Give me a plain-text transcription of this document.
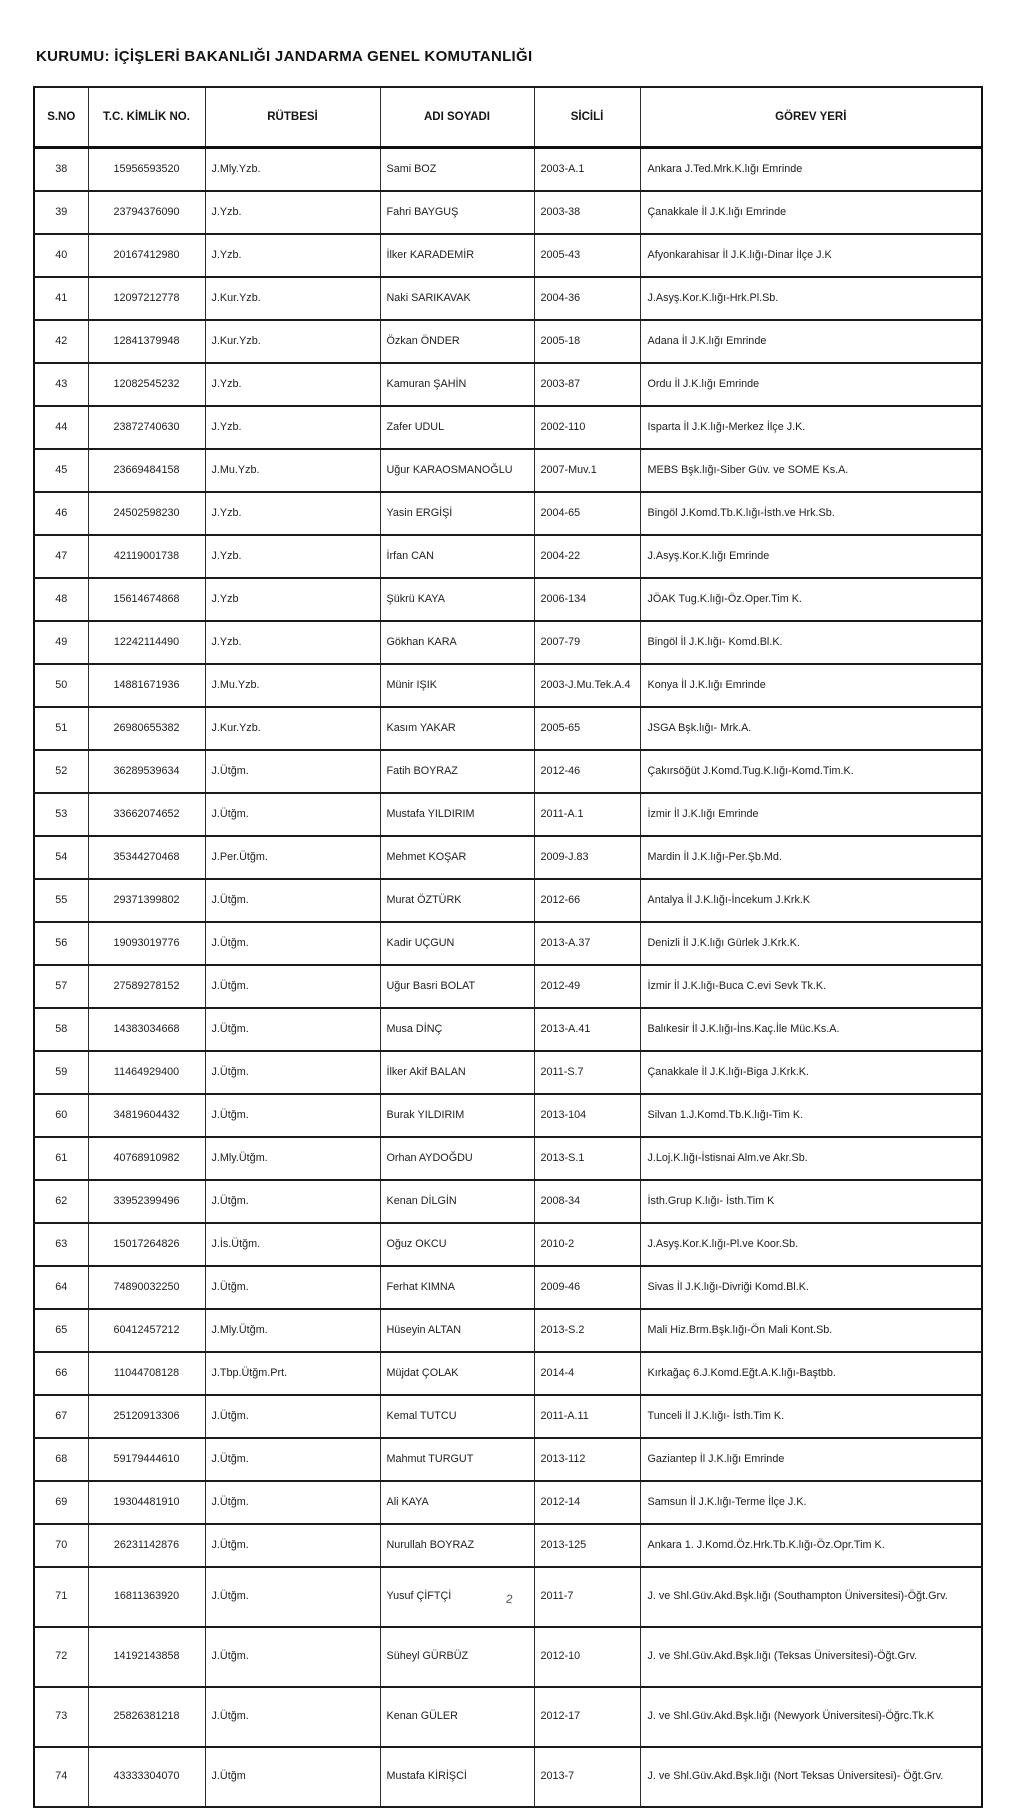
KURUMU: İÇİŞLERİ BAKANLIĞI JANDARMA GENEL KOMUTANLIĞI
S.NO	T.C. KİMLİK NO.	RÜTBESİ	ADI SOYADI	SİCİLİ	GÖREV YERİ
38	15956593520	J.Mly.Yzb.	Sami BOZ	2003-A.1	Ankara J.Ted.Mrk.K.lığı Emrinde
39	23794376090	J.Yzb.	Fahri BAYGUŞ	2003-38	Çanakkale İl J.K.lığı Emrinde
40	20167412980	J.Yzb.	İlker KARADEMİR	2005-43	Afyonkarahisar İl J.K.lığı-Dinar İlçe J.K
41	12097212778	J.Kur.Yzb.	Naki SARIKAVAK	2004-36	J.Asyş.Kor.K.lığı-Hrk.Pl.Sb.
42	12841379948	J.Kur.Yzb.	Özkan ÖNDER	2005-18	Adana İl J.K.lığı Emrinde
43	12082545232	J.Yzb.	Kamuran ŞAHİN	2003-87	Ordu İl J.K.lığı Emrinde
44	23872740630	J.Yzb.	Zafer UDUL	2002-110	Isparta İl J.K.lığı-Merkez İlçe J.K.
45	23669484158	J.Mu.Yzb.	Uğur KARAOSMANOĞLU	2007-Muv.1	MEBS Bşk.lığı-Siber Güv. ve SOME Ks.A.
46	24502598230	J.Yzb.	Yasin ERGİŞİ	2004-65	Bingöl J.Komd.Tb.K.lığı-İsth.ve Hrk.Sb.
47	42119001738	J.Yzb.	İrfan CAN	2004-22	J.Asyş.Kor.K.lığı Emrinde
48	15614674868	J.Yzb	Şükrü KAYA	2006-134	JÖAK Tug.K.lığı-Öz.Oper.Tim K.
49	12242114490	J.Yzb.	Gökhan KARA	2007-79	Bingöl İl J.K.lığı- Komd.Bl.K.
50	14881671936	J.Mu.Yzb.	Münir IŞIK	2003-J.Mu.Tek.A.4	Konya İl J.K.lığı Emrinde
51	26980655382	J.Kur.Yzb.	Kasım YAKAR	2005-65	JSGA Bşk.lığı- Mrk.A.
52	36289539634	J.Ütğm.	Fatih BOYRAZ	2012-46	Çakırsöğüt J.Komd.Tug.K.lığı-Komd.Tim.K.
53	33662074652	J.Ütğm.	Mustafa YILDIRIM	2011-A.1	İzmir İl J.K.lığı Emrinde
54	35344270468	J.Per.Ütğm.	Mehmet KOŞAR	2009-J.83	Mardin İl J.K.lığı-Per.Şb.Md.
55	29371399802	J.Ütğm.	Murat ÖZTÜRK	2012-66	Antalya İl J.K.lığı-İncekum J.Krk.K
56	19093019776	J.Ütğm.	Kadir UÇGUN	2013-A.37	Denizli İl J.K.lığı Gürlek J.Krk.K.
57	27589278152	J.Ütğm.	Uğur Basri BOLAT	2012-49	İzmir İl J.K.lığı-Buca C.evi Sevk Tk.K.
58	14383034668	J.Ütğm.	Musa DİNÇ	2013-A.41	Balıkesir İl J.K.lığı-İns.Kaç.İle Müc.Ks.A.
59	11464929400	J.Ütğm.	İlker Akif BALAN	2011-S.7	Çanakkale İl J.K.lığı-Biga J.Krk.K.
60	34819604432	J.Ütğm.	Burak YILDIRIM	2013-104	Silvan 1.J.Komd.Tb.K.lığı-Tim K.
61	40768910982	J.Mly.Ütğm.	Orhan AYDOĞDU	2013-S.1	J.Loj.K.lığı-İstisnai Alm.ve Akr.Sb.
62	33952399496	J.Ütğm.	Kenan DİLGİN	2008-34	İsth.Grup K.lığı- İsth.Tim K
63	15017264826	J.İs.Ütğm.	Oğuz OKCU	2010-2	J.Asyş.Kor.K.lığı-Pl.ve Koor.Sb.
64	74890032250	J.Ütğm.	Ferhat KIMNA	2009-46	Sivas İl J.K.lığı-Divriği Komd.Bl.K.
65	60412457212	J.Mly.Ütğm.	Hüseyin ALTAN	2013-S.2	Mali Hiz.Brm.Bşk.lığı-Ön Mali Kont.Sb.
66	11044708128	J.Tbp.Ütğm.Prt.	Müjdat ÇOLAK	2014-4	Kırkağaç 6.J.Komd.Eğt.A.K.lığı-Baştbb.
67	25120913306	J.Ütğm.	Kemal TUTCU	2011-A.11	Tunceli İl J.K.lığı- İsth.Tim K.
68	59179444610	J.Ütğm.	Mahmut TURGUT	2013-112	Gaziantep İl J.K.lığı Emrinde
69	19304481910	J.Ütğm.	Ali KAYA	2012-14	Samsun İl J.K.lığı-Terme İlçe J.K.
70	26231142876	J.Ütğm.	Nurullah BOYRAZ	2013-125	Ankara 1. J.Komd.Öz.Hrk.Tb.K.lığı-Öz.Opr.Tim K.
71	16811363920	J.Ütğm.	Yusuf ÇİFTÇİ	2011-7	J. ve Shl.Güv.Akd.Bşk.lığı (Southampton Üniversitesi)-Öğt.Grv.
72	14192143858	J.Ütğm.	Süheyl GÜRBÜZ	2012-10	J. ve Shl.Güv.Akd.Bşk.lığı (Teksas Üniversitesi)-Öğt.Grv.
73	25826381218	J.Ütğm.	Kenan GÜLER	2012-17	J. ve Shl.Güv.Akd.Bşk.lığı (Newyork Üniversitesi)-Öğrc.Tk.K
74	43333304070	J.Ütğm	Mustafa KİRİŞCİ	2013-7	J. ve Shl.Güv.Akd.Bşk.lığı (Nort Teksas Üniversitesi)- Öğt.Grv.
2
